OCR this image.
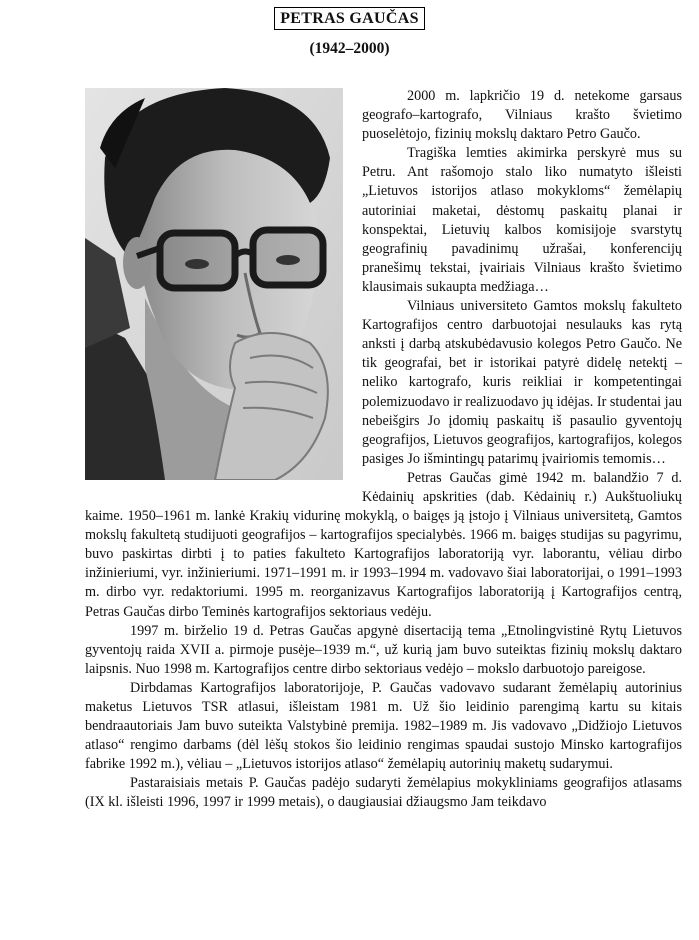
PETRAS GAUČAS
(1942–2000)

2000 m. lapkričio 19 d. netekome garsaus geografo–kartografo, Vilniaus krašto švietimo puoselėtojo, fizinių mokslų daktaro Petro Gaučo.

Tragiška lemties akimirka perskyrė mus su Petru. Ant rašomojo stalo liko numatyto išleisti „Lietuvos istorijos atlaso mokykloms“ žemėlapių autoriniai maketai, dėstomų paskaitų planai ir konspektai, Lietuvių kalbos komisijoje svarstytų geografinių pavadinimų užrašai, konferencijų pranešimų tekstai, įvairiais Vilniaus krašto švietimo klausimais sukaupta medžiaga…

Vilniaus universiteto Gamtos mokslų fakulteto Kartografijos centro darbuotojai nesulauks kas rytą anksti į darbą atskubėdavusio kolegos Petro Gaučo. Ne tik geografai, bet ir istorikai patyrė didelę netektį – neliko kartografo, kuris reikliai ir kompetentingai polemizuodavo ir realizuodavo jų idėjas. Ir studentai jau nebeišgirs Jo įdomių paskaitų iš pasaulio gyventojų geografijos, Lietuvos geografijos, kartografijos, kolegos pasiges Jo išmintingų patarimų įvairiomis temomis…

Petras Gaučas gimė 1942 m. balandžio 7 d. Kėdainių apskrities (dab. Kėdainių r.) Aukštuoliukų kaime. 1950–1961 m. lankė Krakių vidurinę mokyklą, o baigęs ją įstojo į Vilniaus universitetą, Gamtos mokslų fakultetą studijuoti geografijos – kartografijos specialybės. 1966 m. baigęs studijas su pagyrimu, buvo paskirtas dirbti į to paties fakulteto Kartografijos laboratoriją vyr. laborantu, vėliau dirbo inžinieriumi, vyr. inžinieriumi. 1971–1991 m. ir 1993–1994 m. vadovavo šiai laboratorijai, o 1991–1993 m. dirbo vyr. redaktoriumi. 1995 m. reorganizavus Kartografijos laboratoriją į Kartografijos centrą, Petras Gaučas dirbo Teminės kartografijos sektoriaus vedėju.

1997 m. birželio 19 d. Petras Gaučas apgynė disertaciją tema „Etnolingvistinė Rytų Lietuvos gyventojų raida XVII a. pirmoje pusėje–1939 m.“, už kurią jam buvo suteiktas fizinių mokslų daktaro laipsnis. Nuo 1998 m. Kartografijos centre dirbo sektoriaus vedėjo – mokslo darbuotojo pareigose.

Dirbdamas Kartografijos laboratorijoje, P. Gaučas vadovavo sudarant žemėlapių autorinius maketus Lietuvos TSR atlasui, išleistam 1981 m. Už šio leidinio parengimą kartu su kitais bendraautoriais Jam buvo suteikta Valstybinė premija. 1982–1989 m. Jis vadovavo „Didžiojo Lietuvos atlaso“ rengimo darbams (dėl lėšų stokos šio leidinio rengimas spaudai sustojo Minsko kartografijos fabrike 1992 m.), vėliau – „Lietuvos istorijos atlaso“ žemėlapių autorinių maketų sudarymui.

Pastaraisiais metais P. Gaučas padėjo sudaryti žemėlapius mokykliniams geografijos atlasams (IX kl. išleisti 1996, 1997 ir 1999 metais), o daugiausiai džiaugsmo Jam teikdavo
